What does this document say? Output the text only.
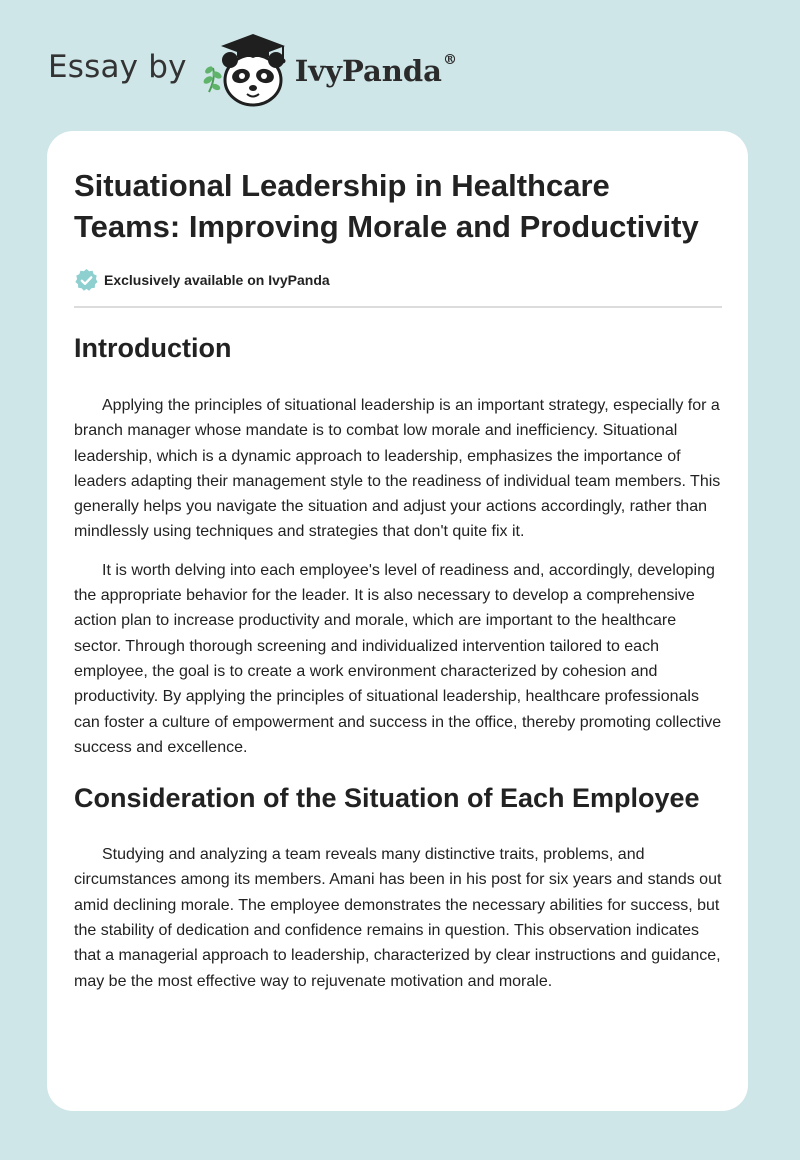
Essay by	IvyPanda®
Situational Leadership in Healthcare Teams: Improving Morale and Productivity
Exclusively available on IvyPanda
Introduction

Applying the principles of situational leadership is an important strategy, especially for a branch manager whose mandate is to combat low morale and inefficiency. Situational leadership, which is a dynamic approach to leadership, emphasizes the importance of leaders adapting their management style to the readiness of individual team members. This generally helps you navigate the situation and adjust your actions accordingly, rather than mindlessly using techniques and strategies that don't quite fix it.

It is worth delving into each employee's level of readiness and, accordingly, developing the appropriate behavior for the leader. It is also necessary to develop a comprehensive action plan to increase productivity and morale, which are important to the healthcare sector. Through thorough screening and individualized intervention tailored to each employee, the goal is to create a work environment characterized by cohesion and productivity. By applying the principles of situational leadership, healthcare professionals can foster a culture of empowerment and success in the office, thereby promoting collective success and excellence.

Consideration of the Situation of Each Employee

Studying and analyzing a team reveals many distinctive traits, problems, and circumstances among its members. Amani has been in his post for six years and stands out amid declining morale. The employee demonstrates the necessary abilities for success, but the stability of dedication and confidence remains in question. This observation indicates that a managerial approach to leadership, characterized by clear instructions and guidance, may be the most effective way to rejuvenate motivation and morale.
